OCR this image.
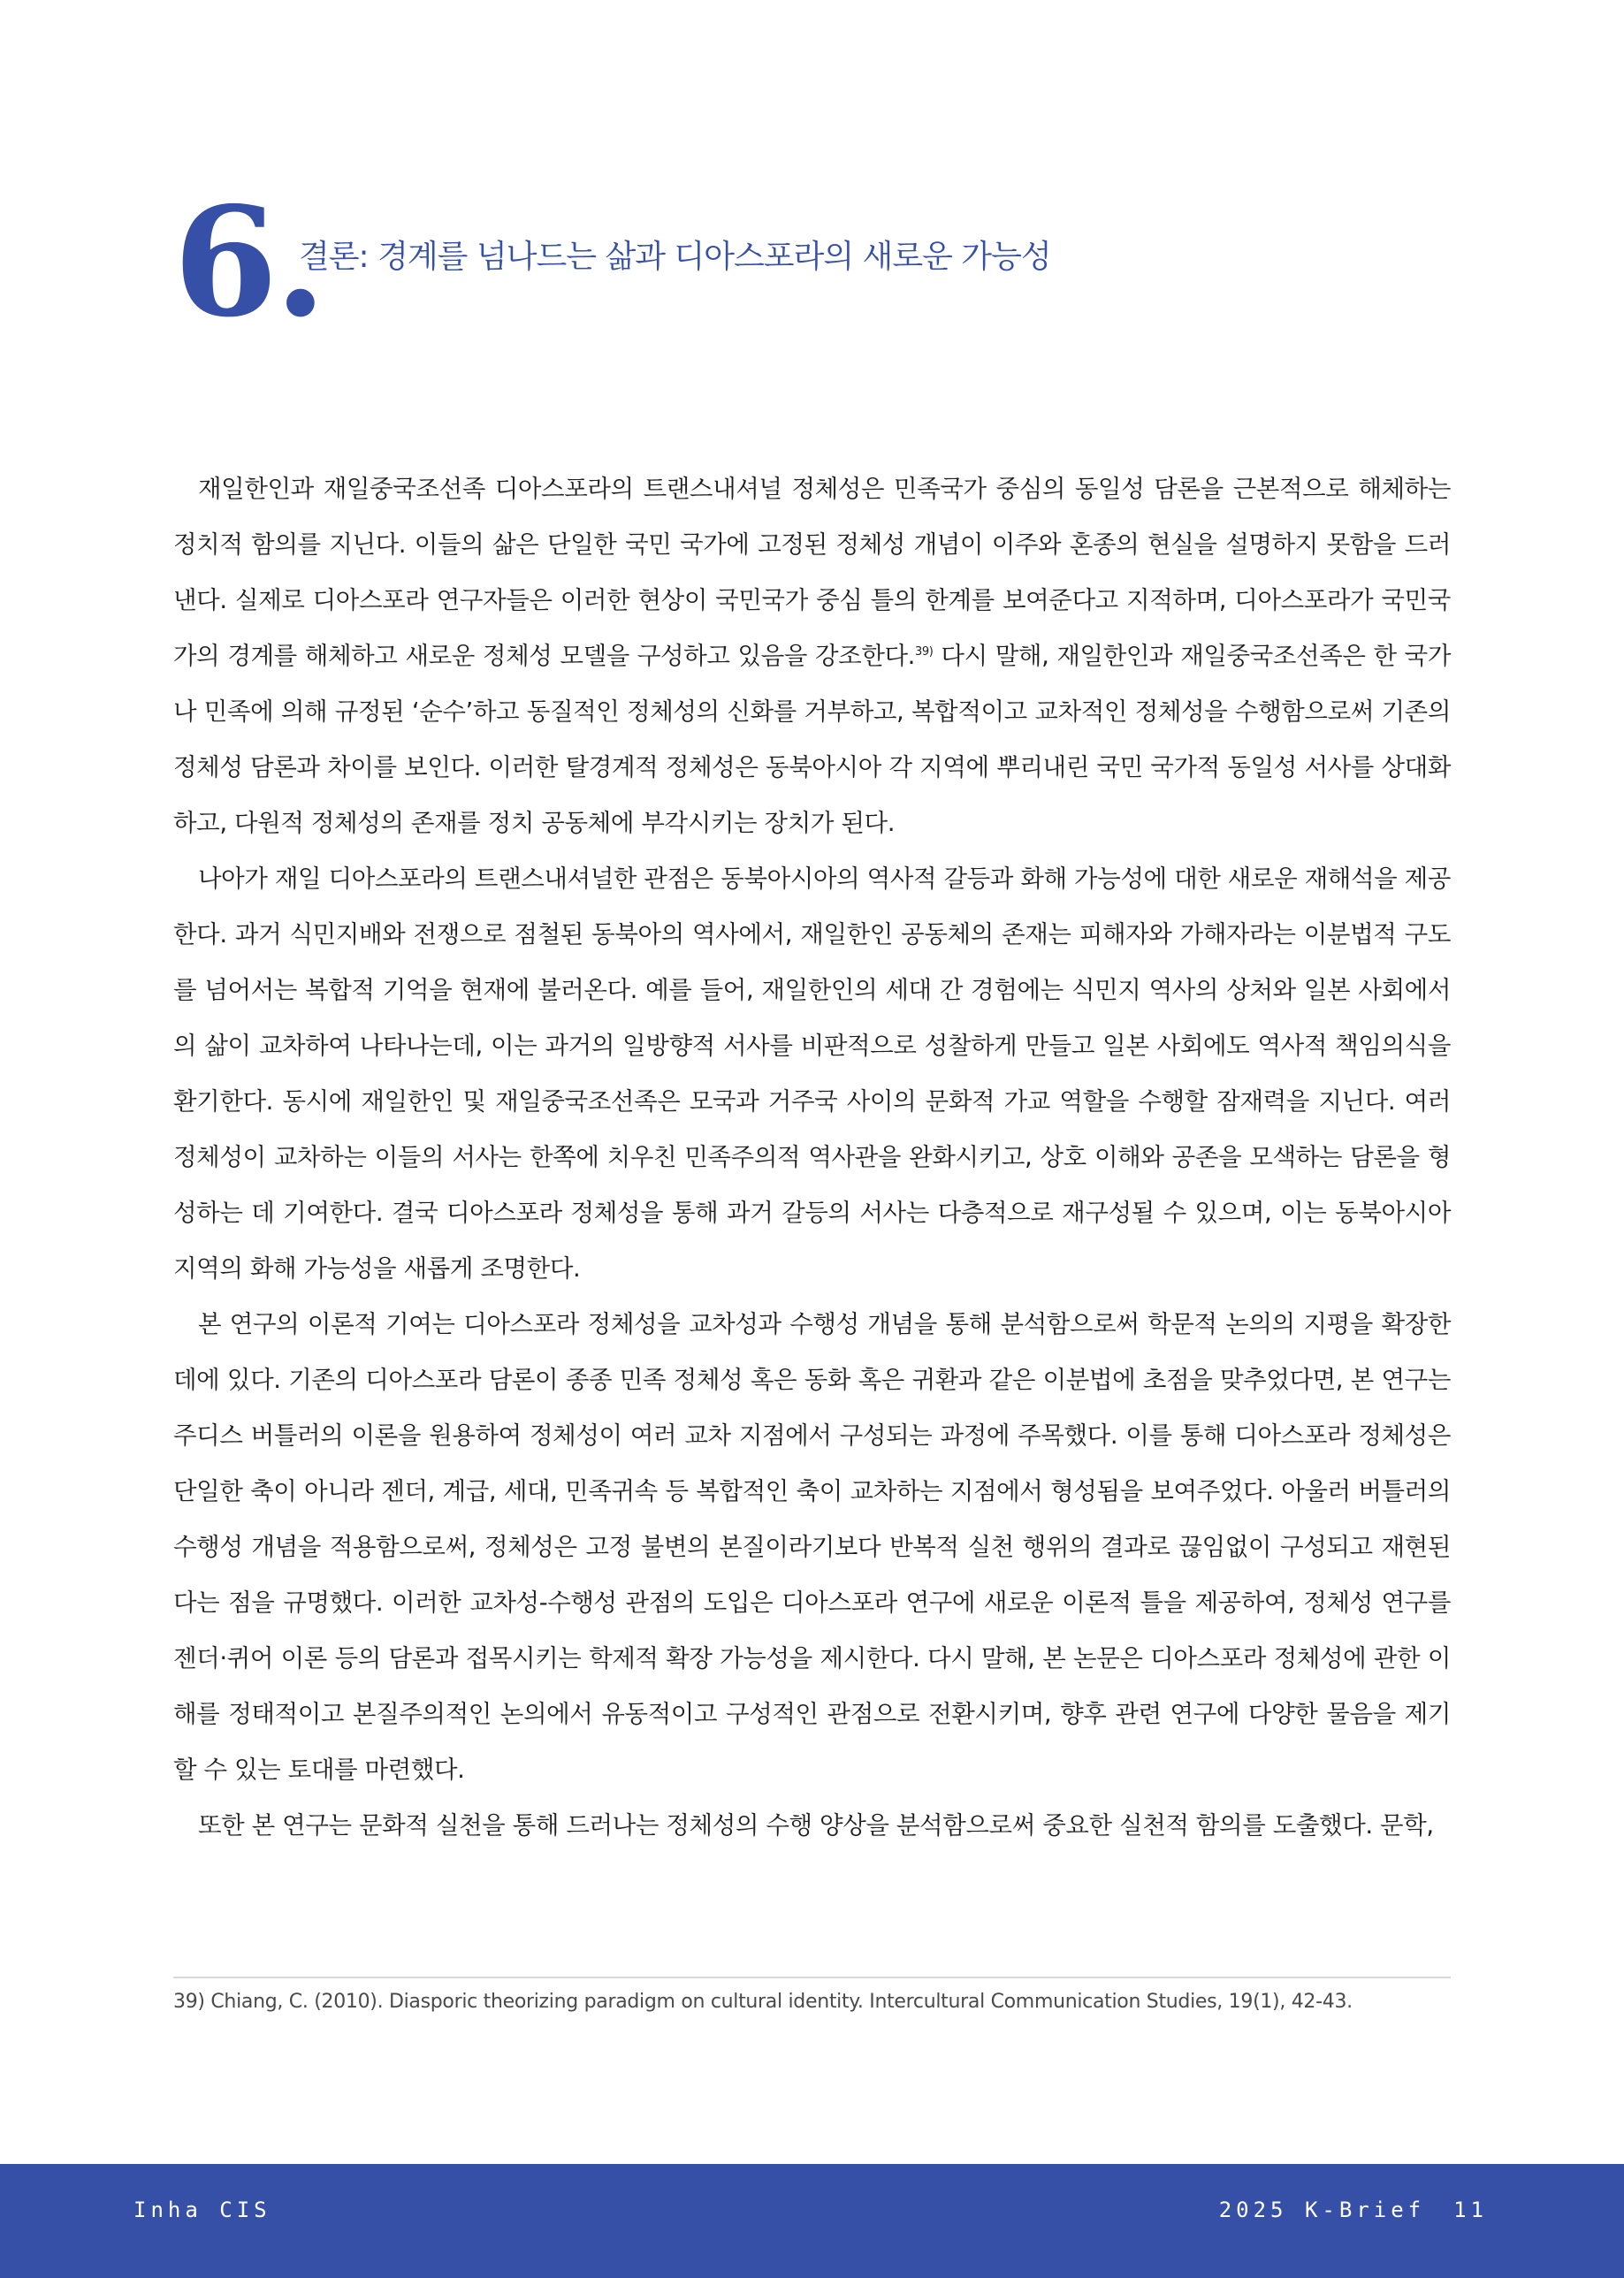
6.
결론: 경계를 넘나드는 삶과 디아스포라의 새로운 가능성

재일한인과 재일중국조선족 디아스포라의 트랜스내셔널 정체성은 민족국가 중심의 동일성 담론을 근본적으로 해체하는 정치적 함의를 지닌다. 이들의 삶은 단일한 국민 국가에 고정된 정체성 개념이 이주와 혼종의 현실을 설명하지 못함을 드러낸다. 실제로 디아스포라 연구자들은 이러한 현상이 국민국가 중심 틀의 한계를 보여준다고 지적하며, 디아스포라가 국민국가의 경계를 해체하고 새로운 정체성 모델을 구성하고 있음을 강조한다.$^{39)}$ 다시 말해, 재일한인과 재일중국조선족은 한 국가나 민족에 의해 규정된 ‘순수’하고 동질적인 정체성의 신화를 거부하고, 복합적이고 교차적인 정체성을 수행함으로써 기존의 정체성 담론과 차이를 보인다. 이러한 탈경계적 정체성은 동북아시아 각 지역에 뿌리내린 국민 국가적 동일성 서사를 상대화하고, 다원적 정체성의 존재를 정치 공동체에 부각시키는 장치가 된다.

나아가 재일 디아스포라의 트랜스내셔널한 관점은 동북아시아의 역사적 갈등과 화해 가능성에 대한 새로운 재해석을 제공한다. 과거 식민지배와 전쟁으로 점철된 동북아의 역사에서, 재일한인 공동체의 존재는 피해자와 가해자라는 이분법적 구도를 넘어서는 복합적 기억을 현재에 불러온다. 예를 들어, 재일한인의 세대 간 경험에는 식민지 역사의 상처와 일본 사회에서의 삶이 교차하여 나타나는데, 이는 과거의 일방향적 서사를 비판적으로 성찰하게 만들고 일본 사회에도 역사적 책임의식을 환기한다. 동시에 재일한인 및 재일중국조선족은 모국과 거주국 사이의 문화적 가교 역할을 수행할 잠재력을 지닌다. 여러 정체성이 교차하는 이들의 서사는 한쪽에 치우친 민족주의적 역사관을 완화시키고, 상호 이해와 공존을 모색하는 담론을 형성하는 데 기여한다. 결국 디아스포라 정체성을 통해 과거 갈등의 서사는 다층적으로 재구성될 수 있으며, 이는 동북아시아 지역의 화해 가능성을 새롭게 조명한다.

본 연구의 이론적 기여는 디아스포라 정체성을 교차성과 수행성 개념을 통해 분석함으로써 학문적 논의의 지평을 확장한 데에 있다. 기존의 디아스포라 담론이 종종 민족 정체성 혹은 동화 혹은 귀환과 같은 이분법에 초점을 맞추었다면, 본 연구는 주디스 버틀러의 이론을 원용하여 정체성이 여러 교차 지점에서 구성되는 과정에 주목했다. 이를 통해 디아스포라 정체성은 단일한 축이 아니라 젠더, 계급, 세대, 민족귀속 등 복합적인 축이 교차하는 지점에서 형성됨을 보여주었다. 아울러 버틀러의 수행성 개념을 적용함으로써, 정체성은 고정 불변의 본질이라기보다 반복적 실천 행위의 결과로 끊임없이 구성되고 재현된다는 점을 규명했다. 이러한 교차성-수행성 관점의 도입은 디아스포라 연구에 새로운 이론적 틀을 제공하여, 정체성 연구를 젠더·퀴어 이론 등의 담론과 접목시키는 학제적 확장 가능성을 제시한다. 다시 말해, 본 논문은 디아스포라 정체성에 관한 이해를 정태적이고 본질주의적인 논의에서 유동적이고 구성적인 관점으로 전환시키며, 향후 관련 연구에 다양한 물음을 제기할 수 있는 토대를 마련했다.

또한 본 연구는 문화적 실천을 통해 드러나는 정체성의 수행 양상을 분석함으로써 중요한 실천적 함의를 도출했다. 문학,

39) Chiang, C. (2010). Diasporic theorizing paradigm on cultural identity. Intercultural Communication Studies, 19(1), 42-43.
Inha CIS	2025 K-Brief 11
